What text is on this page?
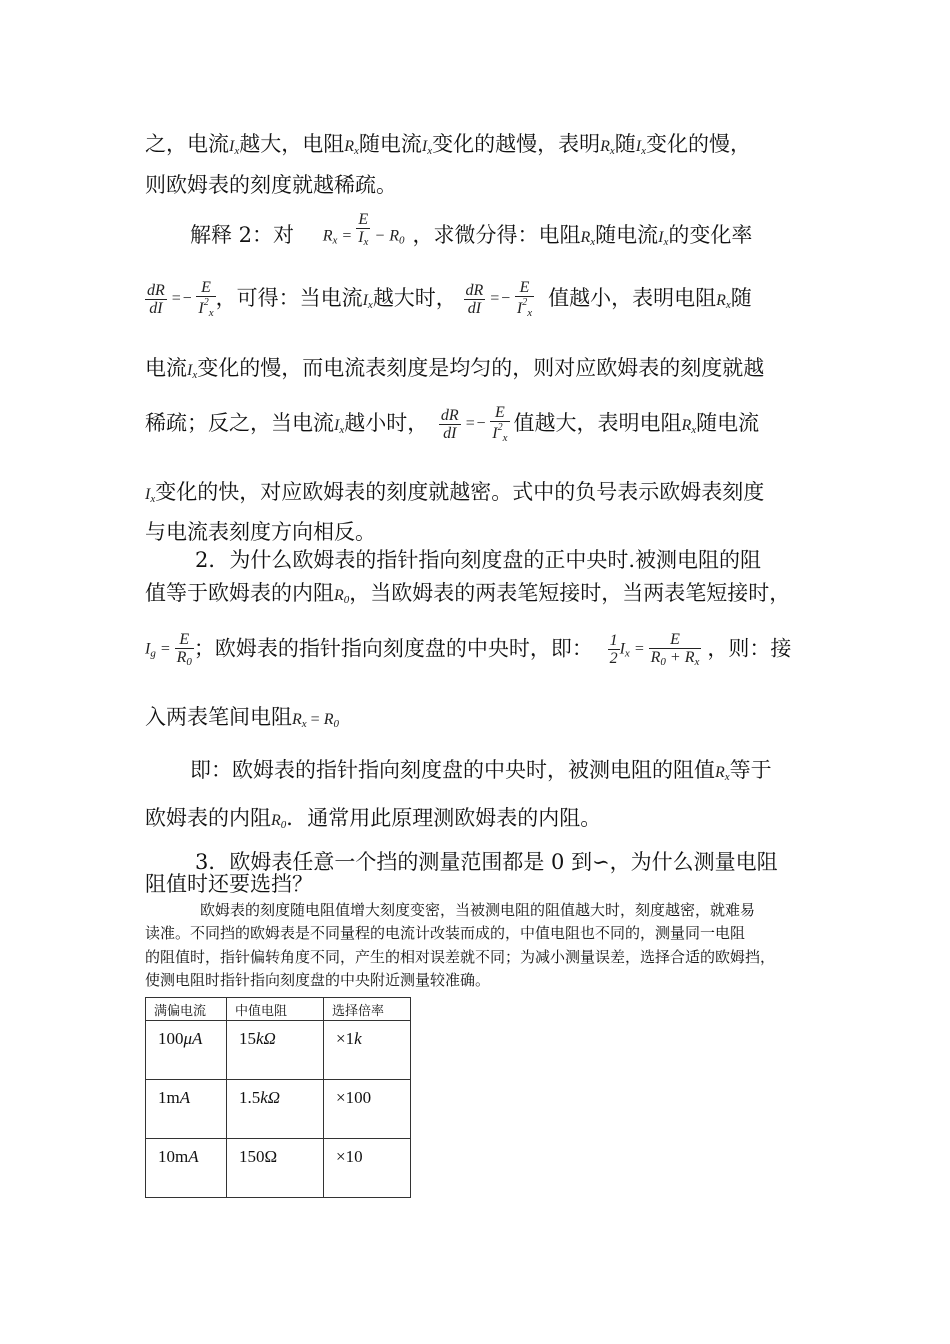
之，电流$I_x$越大，电阻$R_x$随电流$I_x$变化的越慢，表明$R_x$随$I_x$变化的慢，
则欧姆表的刻度就越稀疏。
解释 2：对 $R_x = \frac{E}{I_x} - R_0$ ，求微分得：电阻$R_x$随电流$I_x$的变化率
$\frac{dR}{dI} =- \frac{E}{I^2_x}$ ，可得：当电流$I_x$越大时， $\frac{dR}{dI} =- \frac{E}{I^2_x}$ 值越小，表明电阻$R_x$随
电流$I_x$变化的慢，而电流表刻度是均匀的，则对应欧姆表的刻度就越
稀疏；反之，当电流$I_x$越小时， $\frac{dR}{dI} =- \frac{E}{I^2_x}$ 值越大，表明电阻$R_x$随电流
$I_x$变化的快，对应欧姆表的刻度就越密。式中的负号表示欧姆表刻度
与电流表刻度方向相反。
2．为什么欧姆表的指针指向刻度盘的正中央时.被测电阻的阻
值等于欧姆表的内阻$R_0$，当欧姆表的两表笔短接时，当两表笔短接时，
$I_g = \frac{E}{R_0}$ ；欧姆表的指针指向刻度盘的中央时，即： $\frac{1}{2} I_x = \frac{E}{R_0 + R_x}$ ，则：接
入两表笔间电阻$R_x = R_0$
即：欧姆表的指针指向刻度盘的中央时，被测电阻的阻值$R_x$等于
欧姆表的内阻$R_0$．通常用此原理测欧姆表的内阻。
3．欧姆表任意一个挡的测量范围都是 0 到∽，为什么测量电阻
阻值时还要选挡？
欧姆表的刻度随电阻值增大刻度变密，当被测电阻的阻值越大时，刻度越密，就难易
读准。不同挡的欧姆表是不同量程的电流计改装而成的，中值电阻也不同的，测量同一电阻
的阻值时，指针偏转角度不同，产生的相对误差就不同；为减小测量误差，选择合适的欧姆挡，
使测电阻时指针指向刻度盘的中央附近测量较准确。
满偏电流	中值电阻	选择倍率
100μA	15kΩ	×1k
1mA	1.5kΩ	×100
10mA	150Ω	×10
